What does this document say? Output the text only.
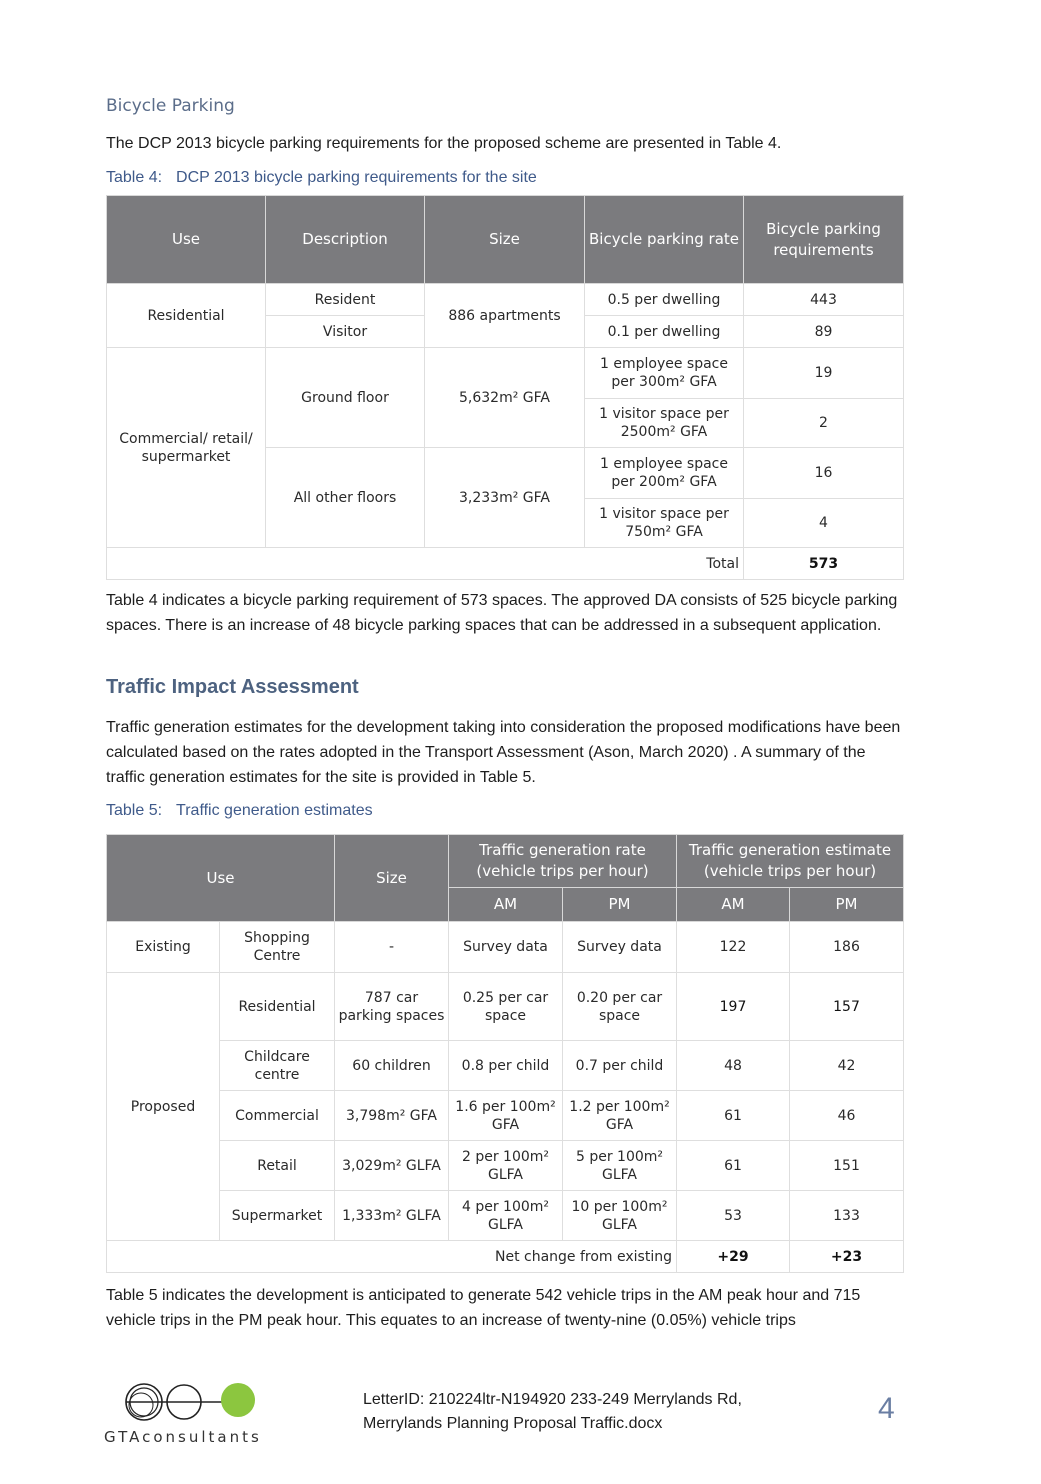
Bicycle Parking
The DCP 2013 bicycle parking requirements for the proposed scheme are presented in Table 4.
Table 4: DCP 2013 bicycle parking requirements for the site
Use	Description	Size	Bicycle parking rate	Bicycle parking requirements
Residential	Resident	886 apartments	0.5 per dwelling	443
	Visitor		0.1 per dwelling	89
Commercial/ retail/ supermarket	Ground floor	5,632m² GFA	1 employee space per 300m² GFA	19
			1 visitor space per 2500m² GFA	2
	All other floors	3,233m² GFA	1 employee space per 200m² GFA	16
			1 visitor space per 750m² GFA	4
Total				573
Table 4 indicates a bicycle parking requirement of 573 spaces. The approved DA consists of 525 bicycle parking spaces. There is an increase of 48 bicycle parking spaces that can be addressed in a subsequent application.
Traffic Impact Assessment
Traffic generation estimates for the development taking into consideration the proposed modifications have been calculated based on the rates adopted in the Transport Assessment (Ason, March 2020) . A summary of the traffic generation estimates for the site is provided in Table 5.
Table 5: Traffic generation estimates
Use		Size	Traffic generation rate (vehicle trips per hour)		Traffic generation estimate (vehicle trips per hour)	
			AM	PM	AM	PM
Existing	Shopping Centre	-	Survey data	Survey data	122	186
Proposed	Residential	787 car parking spaces	0.25 per car space	0.20 per car space	197	157
	Childcare centre	60 children	0.8 per child	0.7 per child	48	42
	Commercial	3,798m² GFA	1.6 per 100m² GFA	1.2 per 100m² GFA	61	46
	Retail	3,029m² GLFA	2 per 100m² GLFA	5 per 100m² GLFA	61	151
	Supermarket	1,333m² GLFA	4 per 100m² GLFA	10 per 100m² GLFA	53	133
Net change from existing					+29	+23
Table 5 indicates the development is anticipated to generate 542 vehicle trips in the AM peak hour and 715 vehicle trips in the PM peak hour. This equates to an increase of twenty-nine (0.05%) vehicle trips
GTAconsultants
LetterID: 210224ltr-N194920 233-249 Merrylands Rd,
Merrylands Planning Proposal Traffic.docx	4
